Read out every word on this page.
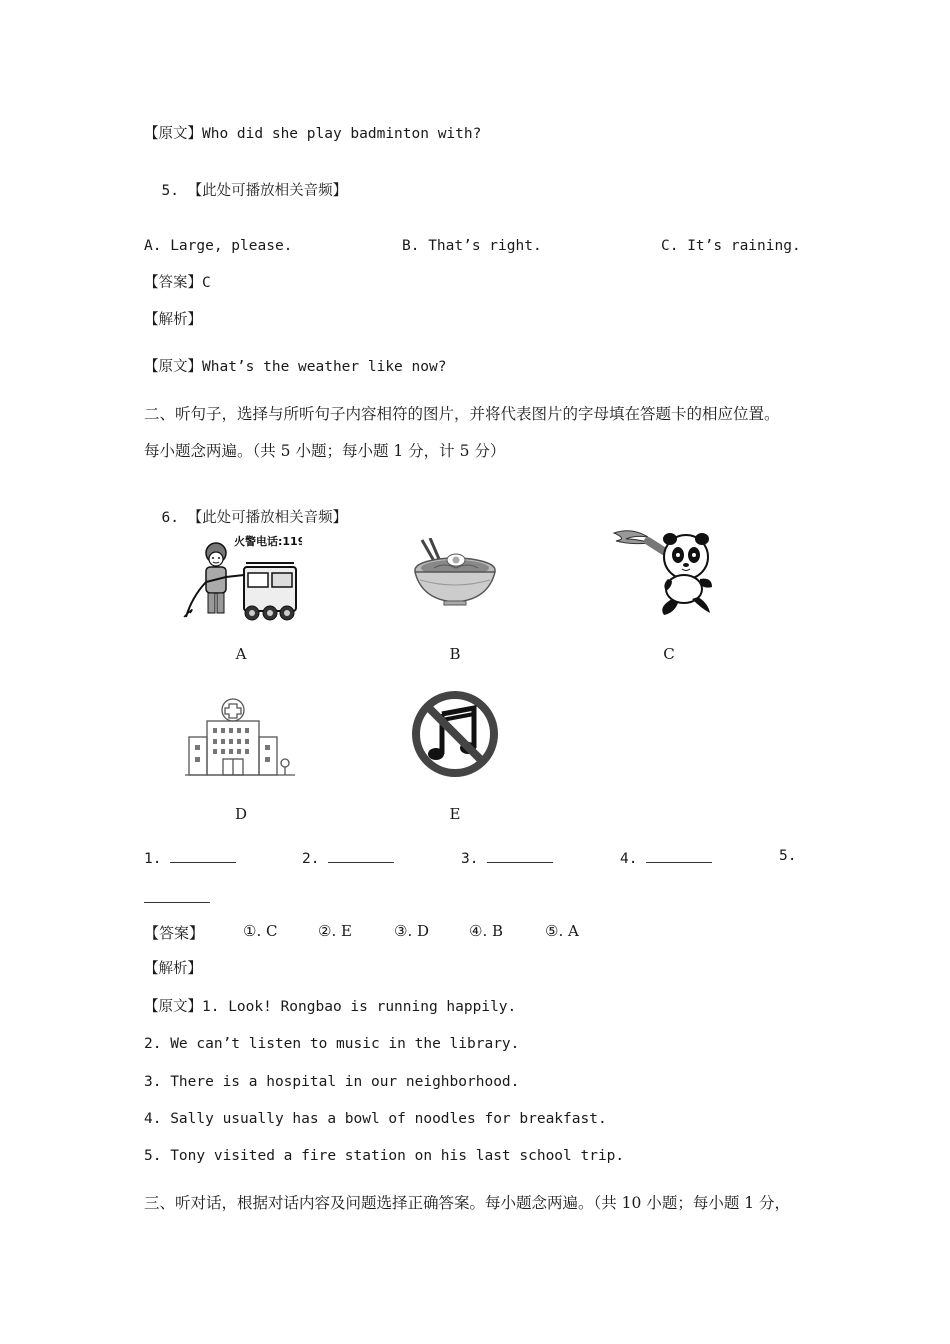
【原文】Who did she play badminton with?

5. 【此处可播放相关音频】

A. Large, please.	B. That’s right.	C. It’s raining.
【答案】C
【解析】
【原文】What’s the weather like now?
二、听句子，选择与所听句子内容相符的图片，并将代表图片的字母填在答题卡的相应位置。
每小题念两遍。（共 5 小题；每小题 1 分，计 5 分）

6. 【此处可播放相关音频】

火警电话:119
A	B	C
D	E
1.	2.	3.	4.	5.
【答案】	①. C	②. E	③. D	④. B	⑤. A
【解析】
【原文】1. Look! Rongbao is running happily.
2. We can’t listen to music in the library.
3. There is a hospital in our neighborhood.
4. Sally usually has a bowl of noodles for breakfast.
5. Tony visited a fire station on his last school trip.
三、听对话，根据对话内容及问题选择正确答案。每小题念两遍。（共 10 小题；每小题 1 分，
